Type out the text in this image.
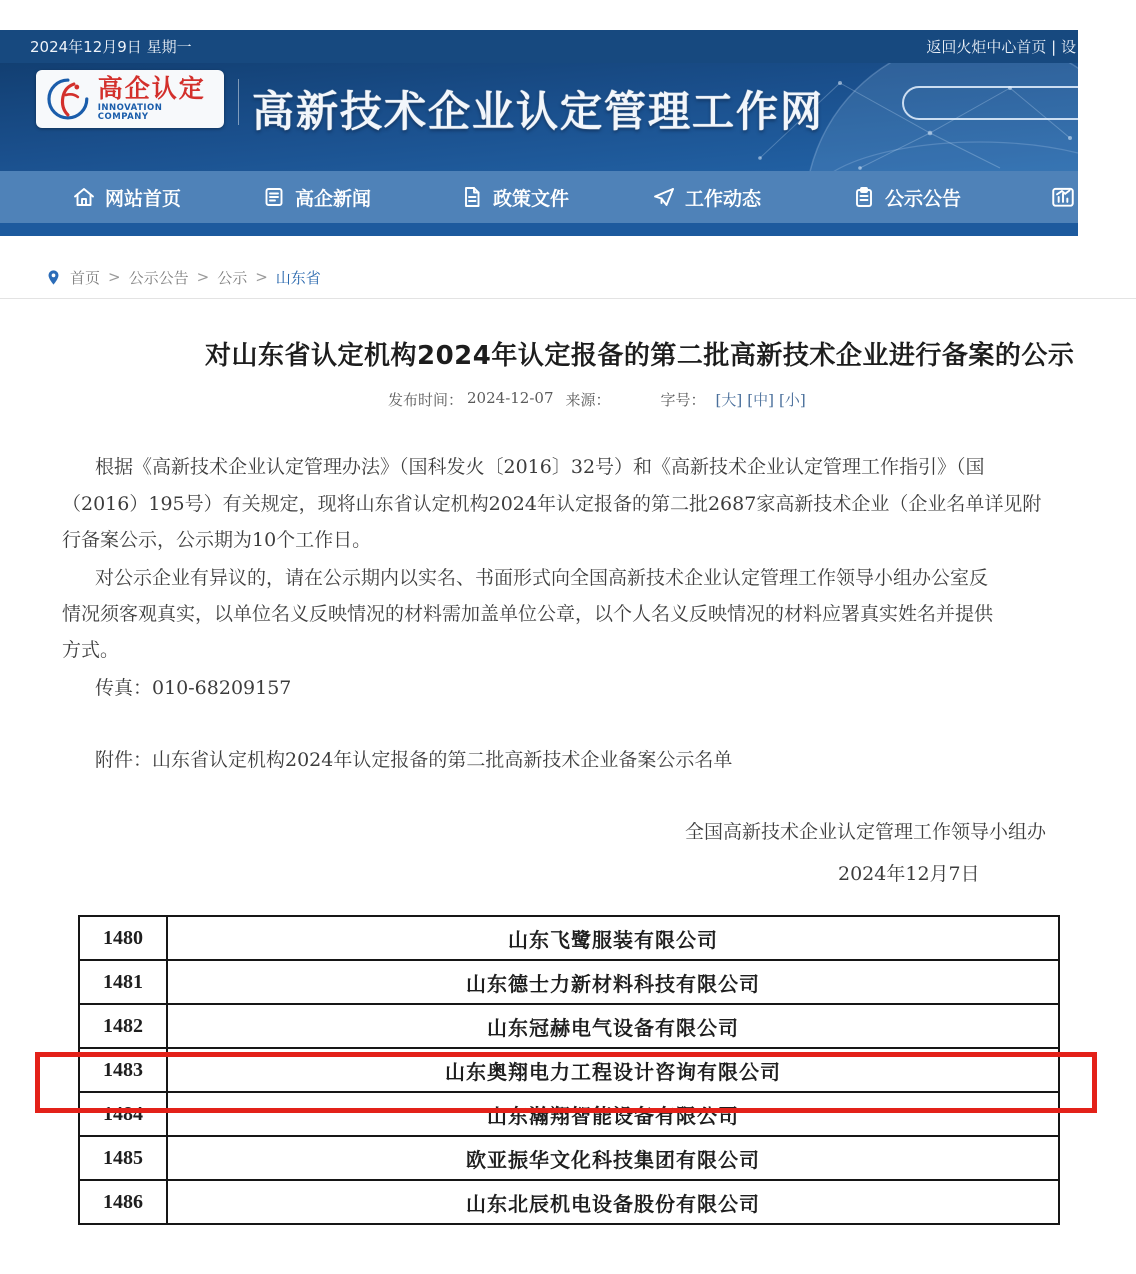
2024年12月9日 星期一	返回火炬中心首页 | 设
高企认定
INNOVATION COMPANY	高新技术企业认定管理工作网
网站首页	高企新闻	政策文件	工作动态	公示公告
首页 > 公示公告 > 公示 > 山东省
对山东省认定机构2024年认定报备的第二批高新技术企业进行备案的公示
发布时间： 2024-12-07 来源：	字号： [大] [中] [小]
根据《高新技术企业认定管理办法》（国科发火〔2016〕32号）和《高新技术企业认定管理工作指引》（国
（2016）195号）有关规定，现将山东省认定机构2024年认定报备的第二批2687家高新技术企业（企业名单详见附
行备案公示，公示期为10个工作日。
对公示企业有异议的，请在公示期内以实名、书面形式向全国高新技术企业认定管理工作领导小组办公室反
情况须客观真实，以单位名义反映情况的材料需加盖单位公章，以个人名义反映情况的材料应署真实姓名并提供
方式。
传真：010-68209157
附件：山东省认定机构2024年认定报备的第二批高新技术企业备案公示名单
全国高新技术企业认定管理工作领导小组办
2024年12月7日
1480	山东飞鹭服装有限公司
1481	山东德士力新材料科技有限公司
1482	山东冠赫电气设备有限公司
1483	山东奥翔电力工程设计咨询有限公司
1484	山东瀚翔智能设备有限公司
1485	欧亚振华文化科技集团有限公司
1486	山东北辰机电设备股份有限公司
